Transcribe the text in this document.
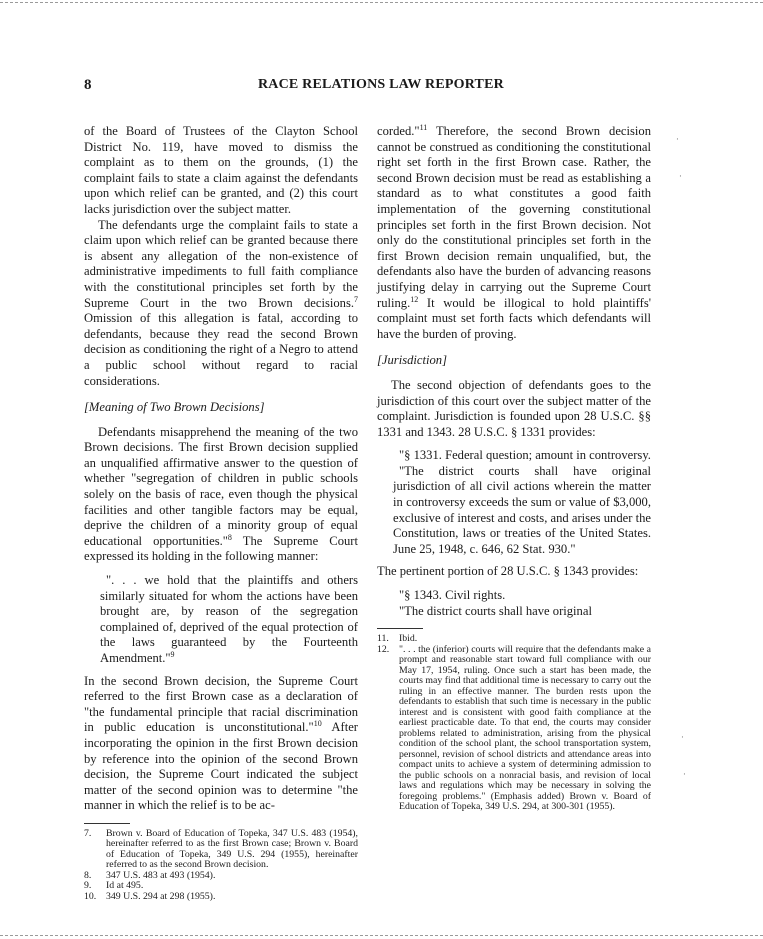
8	RACE RELATIONS LAW REPORTER

of the Board of Trustees of the Clayton School District No. 119, have moved to dismiss the complaint as to them on the grounds, (1) the complaint fails to state a claim against the defendants upon which relief can be granted, and (2) this court lacks jurisdiction over the subject matter.

The defendants urge the complaint fails to state a claim upon which relief can be granted because there is absent any allegation of the non-existence of administrative impediments to full faith compliance with the constitutional principles set forth by the Supreme Court in the two Brown decisions.$^7$ Omission of this allegation is fatal, according to defendants, because they read the second Brown decision as conditioning the right of a Negro to attend a public school without regard to racial considerations.

[Meaning of Two Brown Decisions]

Defendants misapprehend the meaning of the two Brown decisions. The first Brown decision supplied an unqualified affirmative answer to the question of whether "segregation of children in public schools solely on the basis of race, even though the physical facilities and other tangible factors may be equal, deprive the children of a minority group of equal educational opportunities."$^8$ The Supreme Court expressed its holding in the following manner:

". . . we hold that the plaintiffs and others similarly situated for whom the actions have been brought are, by reason of the segregation complained of, deprived of the equal protection of the laws guaranteed by the Fourteenth Amendment."$^9$

In the second Brown decision, the Supreme Court referred to the first Brown case as a declaration of "the fundamental principle that racial discrimination in public education is unconstitutional."$^{10}$ After incorporating the opinion in the first Brown decision by reference into the opinion of the second Brown decision, the Supreme Court indicated the subject matter of the second opinion was to determine "the manner in which the relief is to be ac-

7.	Brown v. Board of Education of Topeka, 347 U.S. 483 (1954), hereinafter referred to as the first Brown case; Brown v. Board of Education of Topeka, 349 U.S. 294 (1955), hereinafter referred to as the second Brown decision.
8.	347 U.S. 483 at 493 (1954).
9.	Id at 495.
10. 349 U.S. 294 at 298 (1955).

corded."$^{11}$ Therefore, the second Brown decision cannot be construed as conditioning the constitutional right set forth in the first Brown case. Rather, the second Brown decision must be read as establishing a standard as to what constitutes a good faith implementation of the governing constitutional principles set forth in the first Brown decision. Not only do the constitutional principles set forth in the first Brown decision remain unqualified, but, the defendants also have the burden of advancing reasons justifying delay in carrying out the Supreme Court ruling.$^{12}$ It would be illogical to hold plaintiffs' complaint must set forth facts which defendants will have the burden of proving.

[Jurisdiction]

The second objection of defendants goes to the jurisdiction of this court over the subject matter of the complaint. Jurisdiction is founded upon 28 U.S.C. §§ 1331 and 1343. 28 U.S.C. § 1331 provides:

"§ 1331. Federal question; amount in controversy.

"The district courts shall have original jurisdiction of all civil actions wherein the matter in controversy exceeds the sum or value of $3,000, exclusive of interest and costs, and arises under the Constitution, laws or treaties of the United States. June 25, 1948, c. 646, 62 Stat. 930."

The pertinent portion of 28 U.S.C. § 1343 provides:

"§ 1343. Civil rights.

"The district courts shall have original

11.	Ibid.
12. ". . . the (inferior) courts will require that the defendants make a prompt and reasonable start toward full compliance with our May 17, 1954, ruling. Once such a start has been made, the courts may find that additional time is necessary to carry out the ruling in an effective manner. The burden rests upon the defendants to establish that such time is necessary in the public interest and is consistent with good faith compliance at the earliest practicable date. To that end, the courts may consider problems related to administration, arising from the physical condition of the school plant, the school transportation system, personnel, revision of school districts and attendance areas into compact units to achieve a system of determining admission to the public schools on a nonracial basis, and revision of local laws and regulations which may be necessary in solving the foregoing problems." (Emphasis added) Brown v. Board of Education of Topeka, 349 U.S. 294, at 300-301 (1955).
·
·
·
·
